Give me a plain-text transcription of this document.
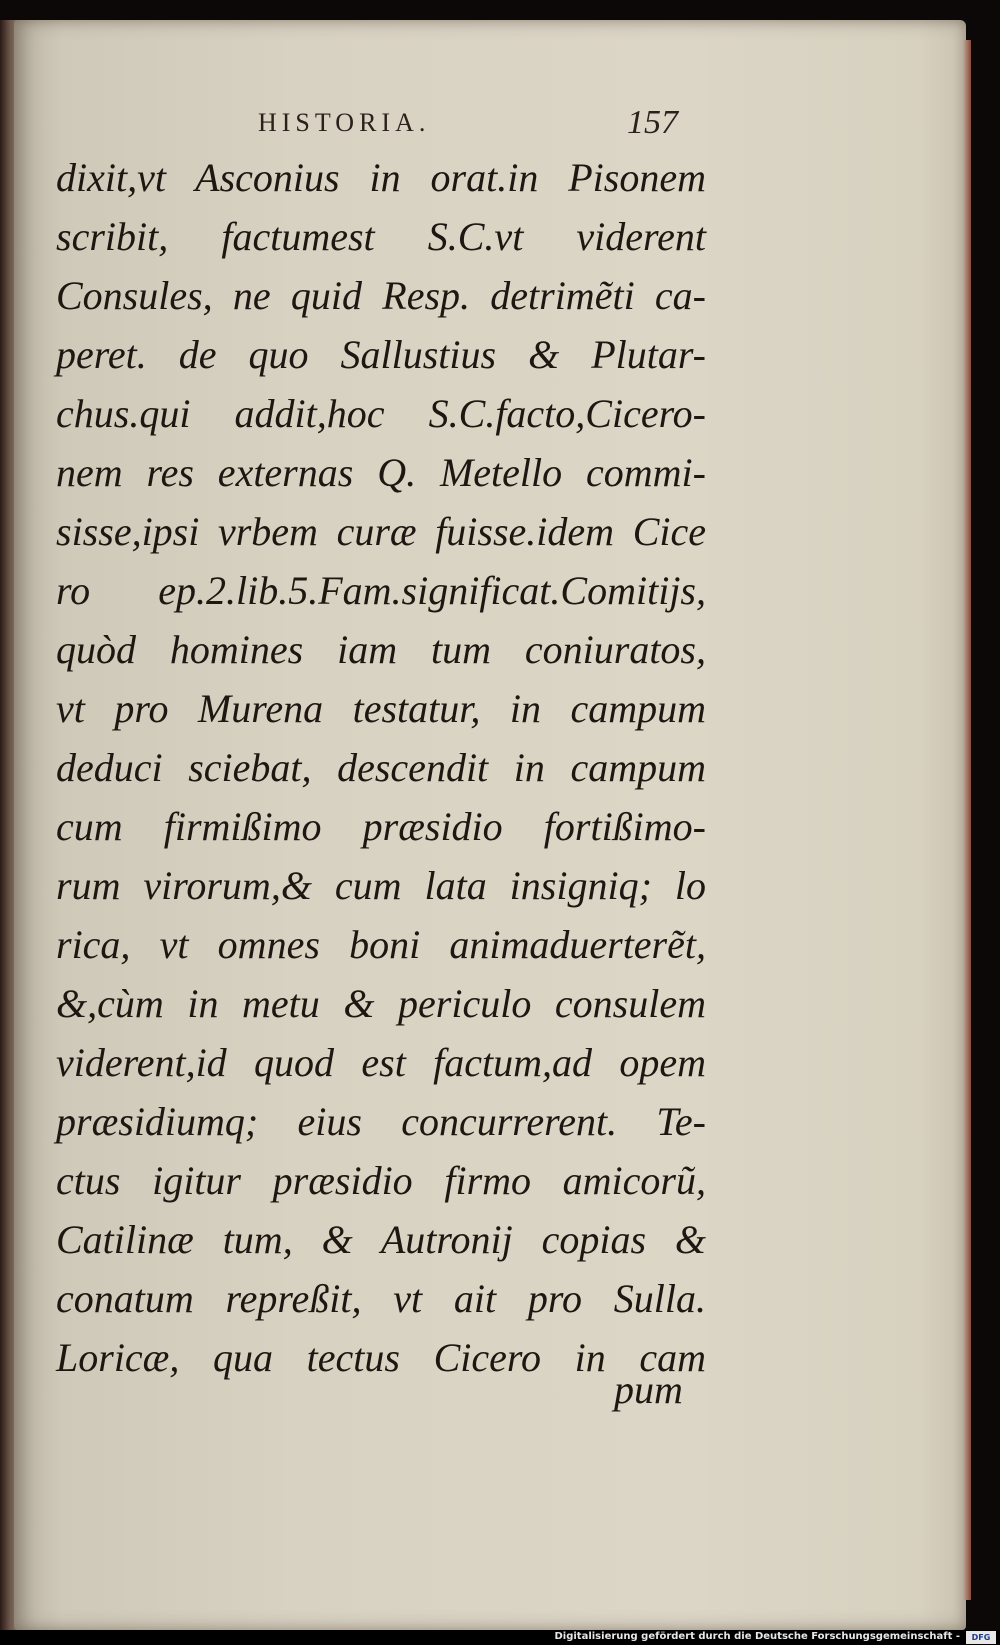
HISTORIA.	157
dixit,vt Asconius in orat.in Pisonem
scribit, factumest S.C.vt viderent
Consules, ne quid Resp. detrimẽti ca-
peret. de quo Sallustius & Plutar-
chus.qui addit,hoc S.C.facto,Cicero-
nem res externas Q. Metello commi-
sisse,ipsi vrbem curæ fuisse.idem Cice
ro ep.2.lib.5.Fam.significat.Comitijs,
quòd homines iam tum coniuratos,
vt pro Murena testatur, in campum
deduci sciebat, descendit in campum
cum firmißimo præsidio fortißimo-
rum virorum,& cum lata insigniq; lo
rica, vt omnes boni animaduerterẽt,
&,cùm in metu & periculo consulem
viderent,id quod est factum,ad opem
præsidiumq; eius concurrerent. Te-
ctus igitur præsidio firmo amicorũ,
Catilinæ tum, & Autronij copias &
conatum repreßit, vt ait pro Sulla.
Loricæ, qua tectus Cicero in cam
pum
Digitalisierung gefördert durch die Deutsche Forschungsgemeinschaft -	DFG
